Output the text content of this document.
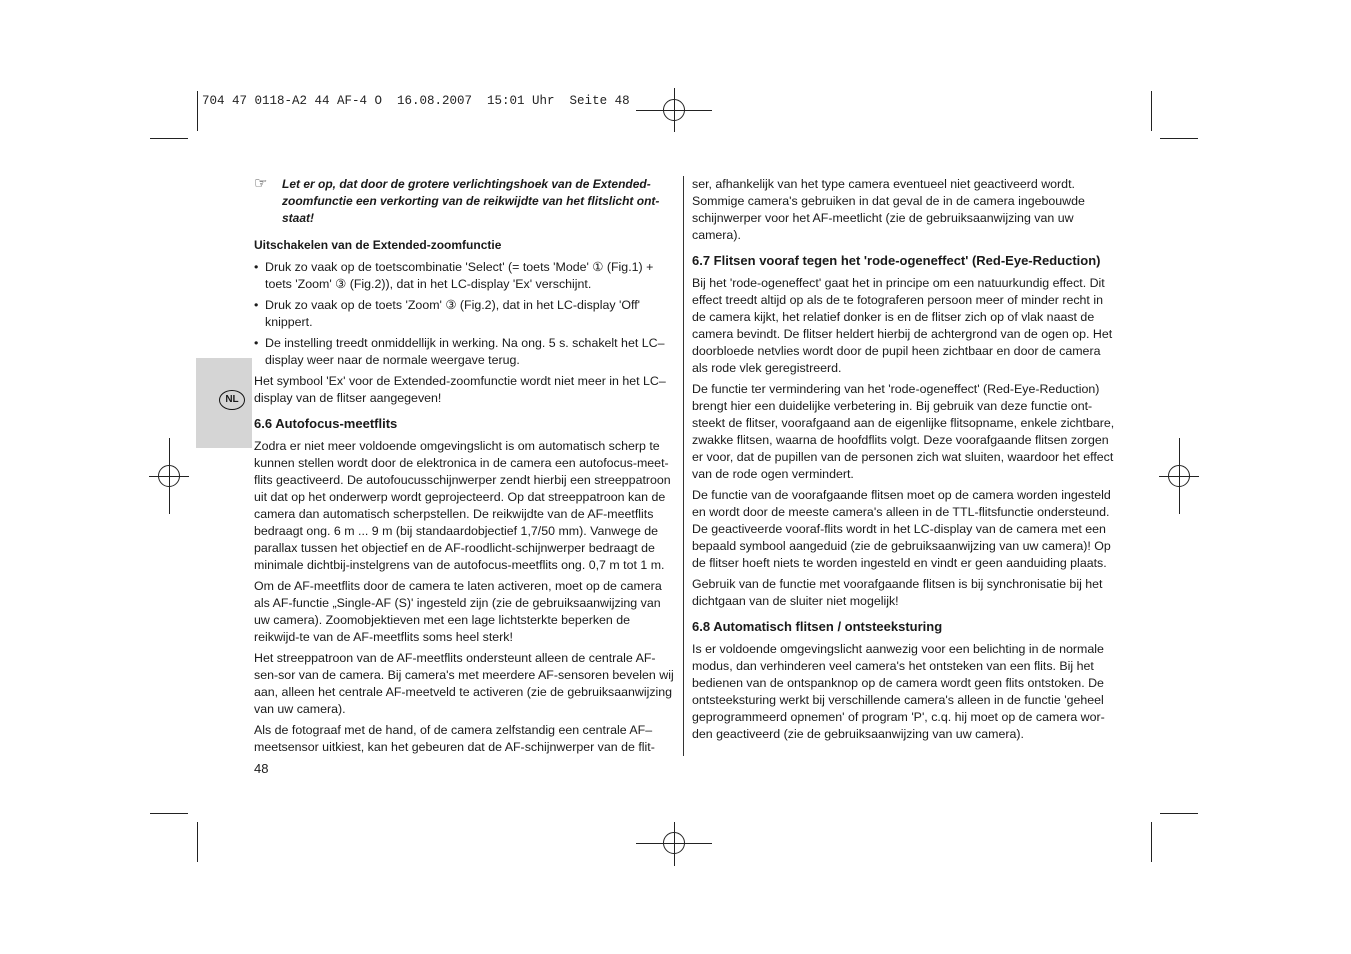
704 47 0118-A2 44 AF-4 O  16.08.2007  15:01 Uhr  Seite 48
NL
☞ Let er op, dat door de grotere verlichtingshoek van de Extended-zoomfunctie een verkorting van de reikwijdte van het flitslicht ont-staat!
Uitschakelen van de Extended-zoomfunctie
• Druk zo vaak op de toetscombinatie 'Select' (= toets 'Mode' ① (Fig.1) + toets 'Zoom' ③ (Fig.2)), dat in het LC-display 'Ex' verschijnt.
• Druk zo vaak op de toets 'Zoom' ③ (Fig.2), dat in het LC-display 'Off' knippert.
• De instelling treedt onmiddellijk in werking. Na ong. 5 s. schakelt het LC–display weer naar de normale weergave terug.

Het symbool 'Ex' voor de Extended-zoomfunctie wordt niet meer in het LC–display van de flitser aangegeven!

6.6 Autofocus-meetflits

Zodra er niet meer voldoende omgevingslicht is om automatisch scherp te kunnen stellen wordt door de elektronica in de camera een autofocus-meet-flits geactiveerd. De autofoucusschijnwerper zendt hierbij een streeppatroon uit dat op het onderwerp wordt geprojecteerd. Op dat streeppatroon kan de camera dan automatisch scherpstellen. De reikwijdte van de AF-meetflits bedraagt ong. 6 m ... 9 m (bij standaardobjectief 1,7/50 mm). Vanwege de parallax tussen het objectief en de AF-roodlicht-schijnwerper bedraagt de minimale dichtbij-instelgrens van de autofocus-meetflits ong. 0,7 m tot 1 m.

Om de AF-meetflits door de camera te laten activeren, moet op de camera als AF-functie „Single-AF (S)' ingesteld zijn (zie de gebruiksaanwijzing van uw camera). Zoomobjektieven met een lage lichtsterkte beperken de reikwijd-te van de AF-meetflits soms heel sterk!

Het streeppatroon van de AF-meetflits ondersteunt alleen de centrale AF-sen-sor van de camera. Bij camera's met meerdere AF-sensoren bevelen wij aan, alleen het centrale AF-meetveld te activeren (zie de gebruiksaanwijzing van uw camera).

Als de fotograaf met de hand, of de camera zelfstandig een centrale AF–meetsensor uitkiest, kan het gebeuren dat de AF-schijnwerper van de flit-

ser, afhankelijk van het type camera eventueel niet geactiveerd wordt. Sommige camera's gebruiken in dat geval de in de camera ingebouwde schijnwerper voor het AF-meetlicht (zie de gebruiksaanwijzing van uw camera).

6.7 Flitsen vooraf tegen het 'rode-ogeneffect' (Red-Eye-Reduction)

Bij het 'rode-ogeneffect' gaat het in principe om een natuurkundig effect. Dit effect treedt altijd op als de te fotograferen persoon meer of minder recht in de camera kijkt, het relatief donker is en de flitser zich op of vlak naast de camera bevindt. De flitser heldert hierbij de achtergrond van de ogen op. Het doorbloede netvlies wordt door de pupil heen zichtbaar en door de camera als rode vlek geregistreerd.

De functie ter vermindering van het 'rode-ogeneffect' (Red-Eye-Reduction) brengt hier een duidelijke verbetering in. Bij gebruik van deze functie ont-steekt de flitser, voorafgaand aan de eigenlijke flitsopname, enkele zichtbare, zwakke flitsen, waarna de hoofdflits volgt. Deze voorafgaande flitsen zorgen er voor, dat de pupillen van de personen zich wat sluiten, waardoor het effect van de rode ogen vermindert.

De functie van de voorafgaande flitsen moet op de camera worden ingesteld en wordt door de meeste camera's alleen in de TTL-flitsfunctie ondersteund. De geactiveerde vooraf-flits wordt in het LC-display van de camera met een bepaald symbool aangeduid (zie de gebruiksaanwijzing van uw camera)! Op de flitser hoeft niets te worden ingesteld en vindt er geen aanduiding plaats.

Gebruik van de functie met voorafgaande flitsen is bij synchronisatie bij het dichtgaan van de sluiter niet mogelijk!

6.8 Automatisch flitsen / ontsteeksturing

Is er voldoende omgevingslicht aanwezig voor een belichting in de normale modus, dan verhinderen veel camera's het ontsteken van een flits. Bij het bedienen van de ontspanknop op de camera wordt geen flits ontstoken. De ontsteeksturing werkt bij verschillende camera's alleen in de functie 'geheel geprogrammeerd opnemen' of program 'P', c.q. hij moet op de camera wor-den geactiveerd (zie de gebruiksaanwijzing van uw camera).

48
